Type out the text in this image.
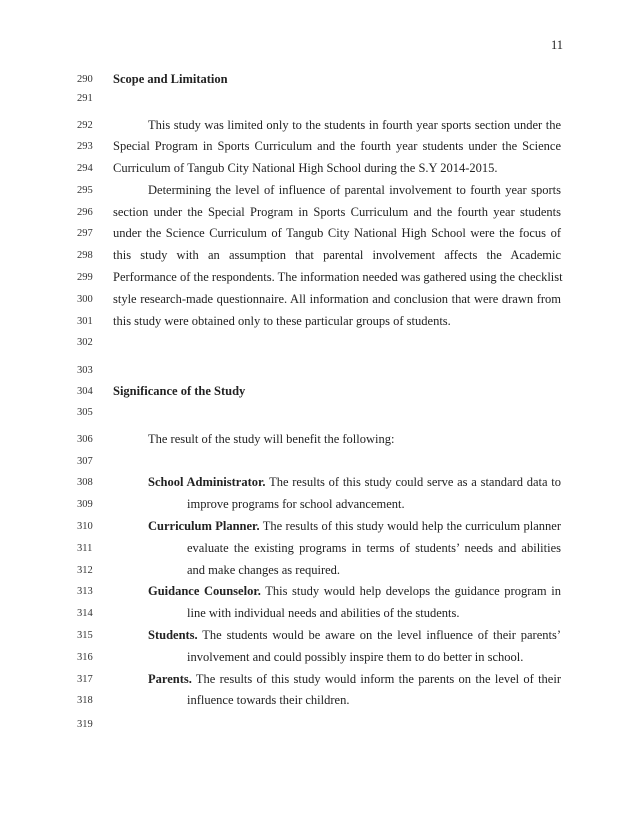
11
290
291
292
293
294
295
296
297
298
299
300
301
302
303
304
305
306
307
308
309
310
311
312
313
314
315
316
317
318
319
Scope and Limitation
This study was limited only to the students in fourth year sports section under the
Special Program in Sports Curriculum and the fourth year students under the Science
Curriculum of Tangub City National High School during the S.Y 2014-2015.
Determining the level of influence of parental involvement to fourth year sports
section under the Special Program in Sports Curriculum and the fourth year students
under the Science Curriculum of Tangub City National High School were the focus of
this study with an assumption that parental involvement affects the Academic
Performance of the respondents. The information needed was gathered using the checklist
style research-made questionnaire. All information and conclusion that were drawn from
this study were obtained only to these particular groups of students.
Significance of the Study
The result of the study will benefit the following:
School Administrator. The results of this study could serve as a standard data to
improve programs for school advancement.
Curriculum Planner. The results of this study would help the curriculum planner
evaluate the existing programs in terms of students’ needs and abilities
and make changes as required.
Guidance Counselor. This study would help develops the guidance program in
line with individual needs and abilities of the students.
Students. The students would be aware on the level influence of their parents’
involvement and could possibly inspire them to do better in school.
Parents. The results of this study would inform the parents on the level of their
influence towards their children.
